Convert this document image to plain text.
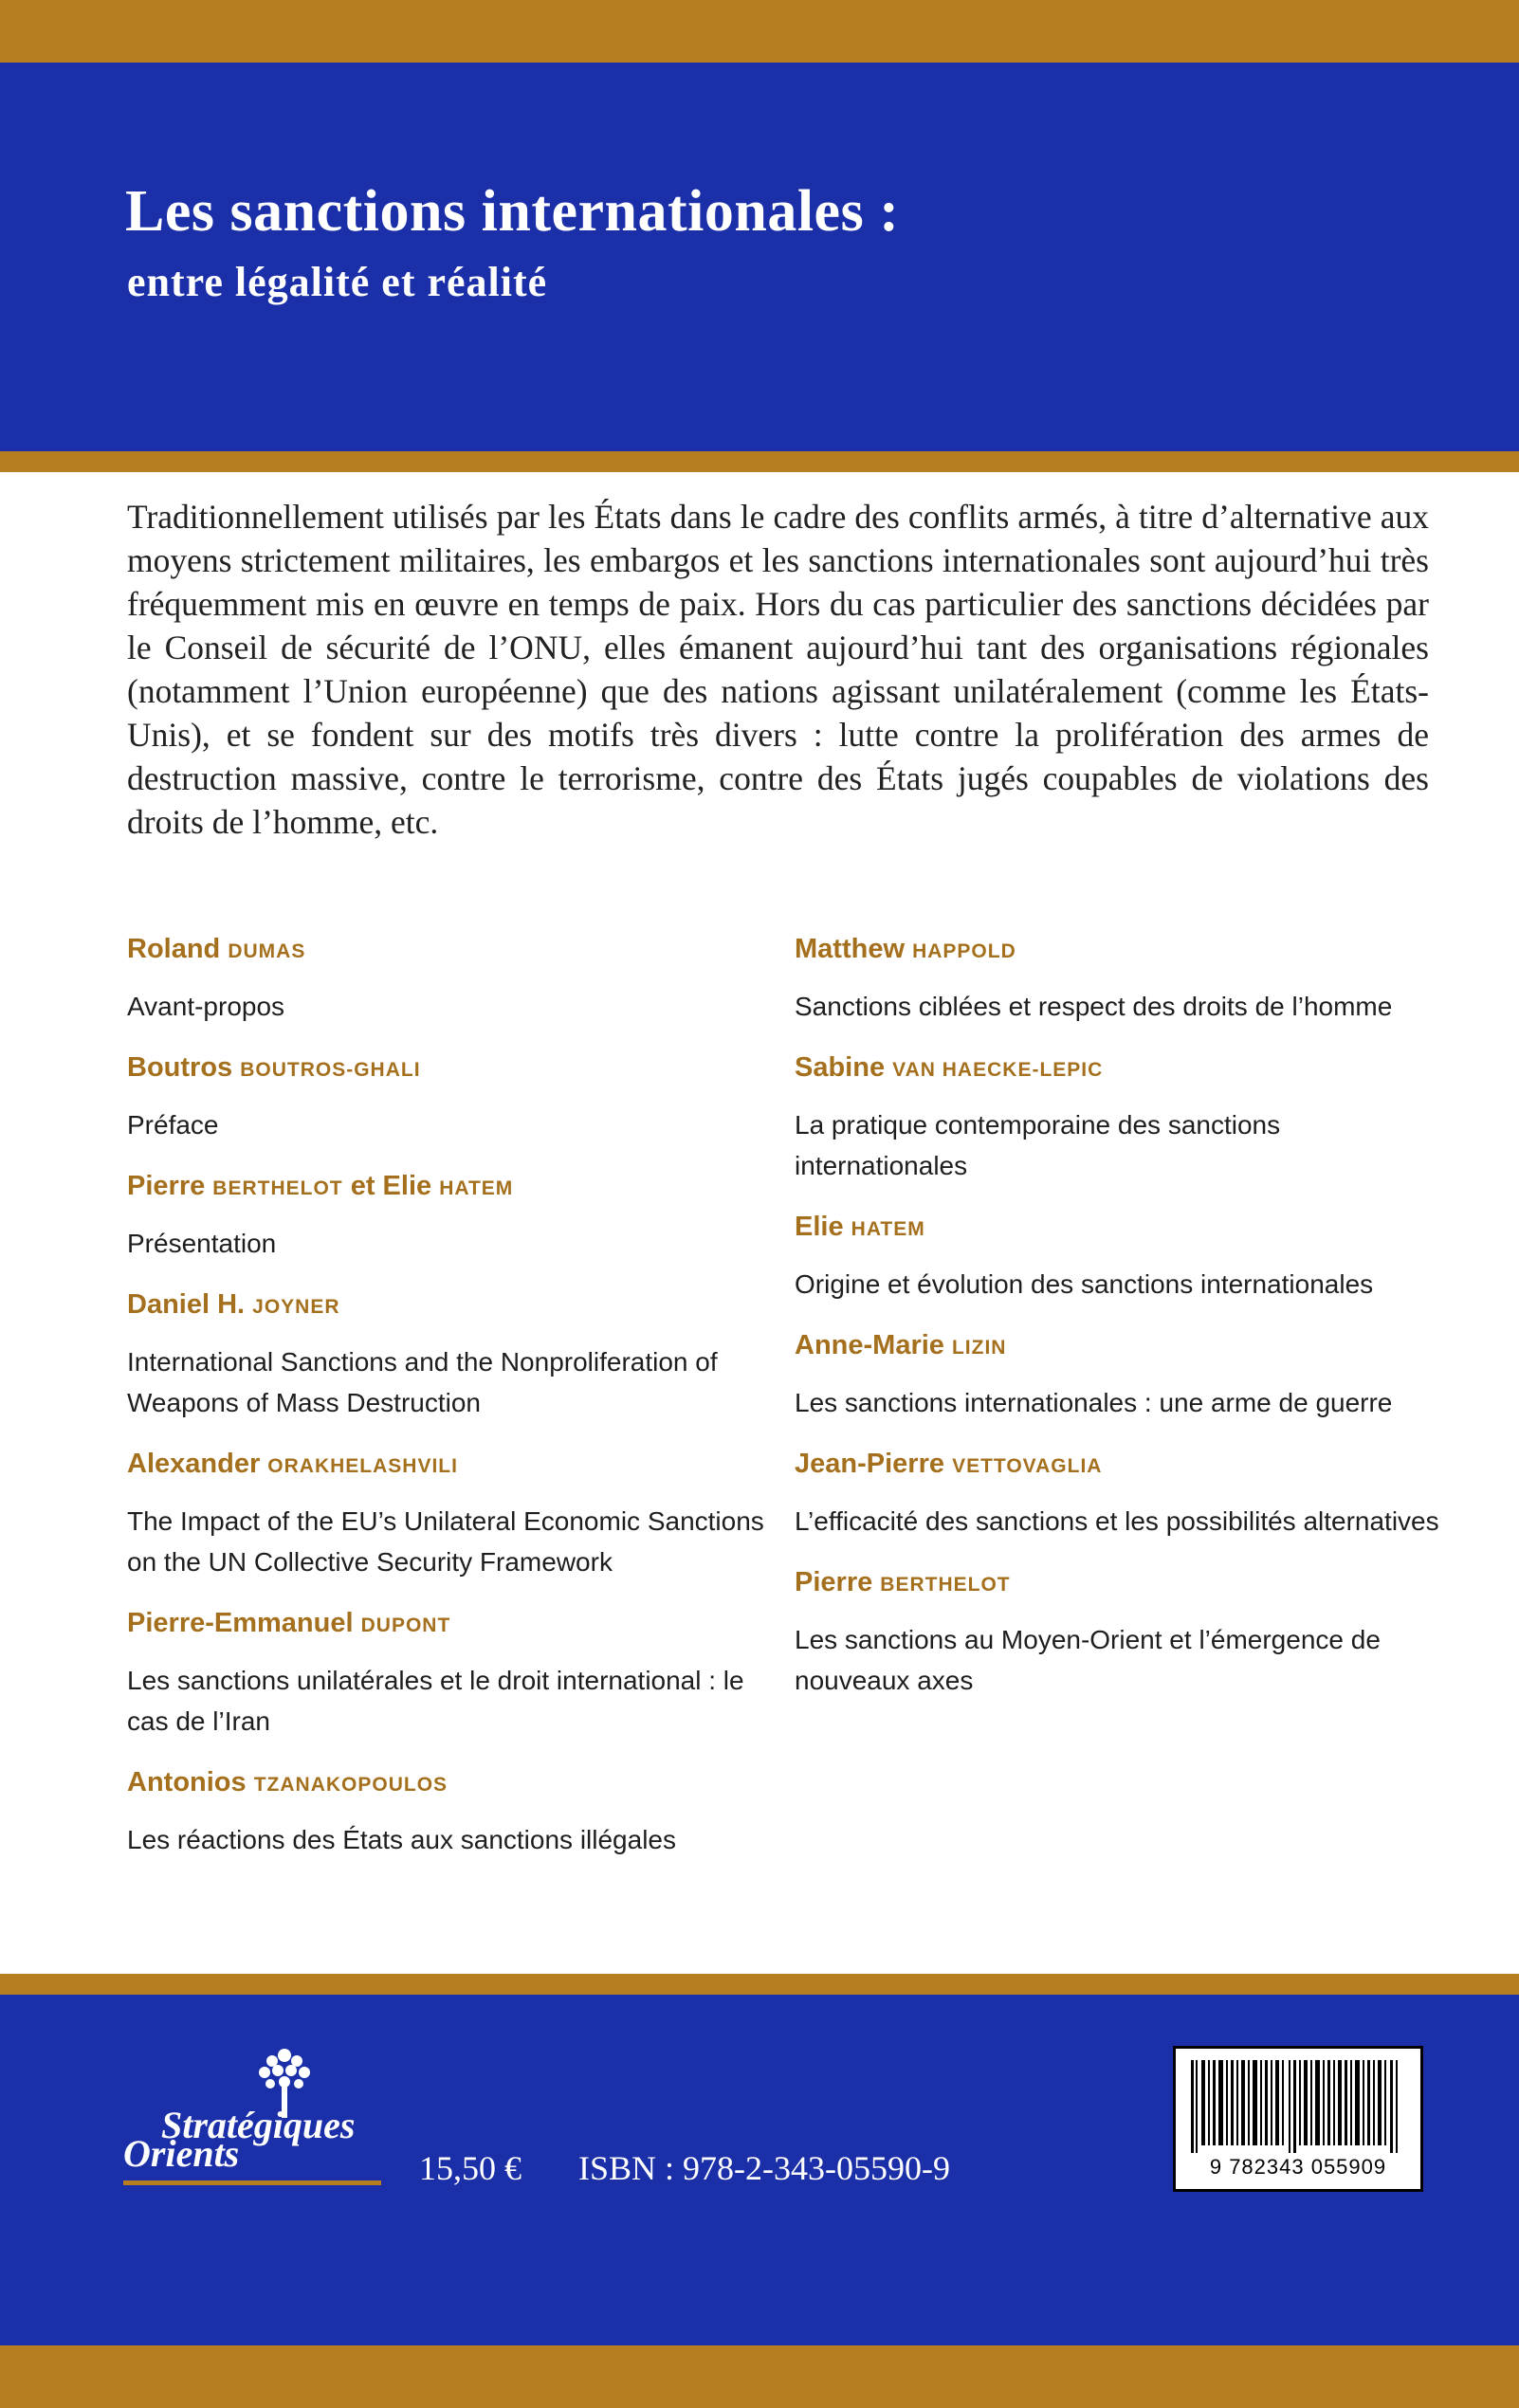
Les sanctions internationales :
entre légalité et réalité
Traditionnellement utilisés par les États dans le cadre des conflits armés, à titre d’alternative aux moyens strictement militaires, les embargos et les sanctions internationales sont aujourd’hui très fréquemment mis en œuvre en temps de paix. Hors du cas particulier des sanctions décidées par le Conseil de sécurité de l’ONU, elles émanent aujourd’hui tant des organisations régionales (notamment l’Union européenne) que des nations agissant unilatéralement (comme les États-Unis), et se fondent sur des motifs très divers : lutte contre la prolifération des armes de destruction massive, contre le terrorisme, contre des États jugés coupables de violations des droits de l’homme, etc.
Roland DUMAS
Avant-propos
Boutros BOUTROS-GHALI
Préface
Pierre BERTHELOT et Elie HATEM
Présentation
Daniel H. JOYNER
International Sanctions and the Nonproliferation of Weapons of Mass Destruction
Alexander ORAKHELASHVILI
The Impact of the EU’s Unilateral Economic Sanctions on the UN Collective Security Framework
Pierre-Emmanuel DUPONT
Les sanctions unilatérales et le droit international : le cas de l’Iran
Antonios TZANAKOPOULOS
Les réactions des États aux sanctions illégales
Matthew HAPPOLD
Sanctions ciblées et respect des droits de l’homme
Sabine VAN HAECKE-LEPIC
La pratique contemporaine des sanctions internationales
Elie HATEM
Origine et évolution des sanctions internationales
Anne-Marie LIZIN
Les sanctions internationales : une arme de guerre
Jean-Pierre VETTOVAGLIA
L’efficacité des sanctions et les possibilités alternatives
Pierre BERTHELOT
Les sanctions au Moyen-Orient et l’émergence de nouveaux axes
Stratégiques
Orients	15,50 € ISBN : 978-2-343-05590-9	9 782343 055909
